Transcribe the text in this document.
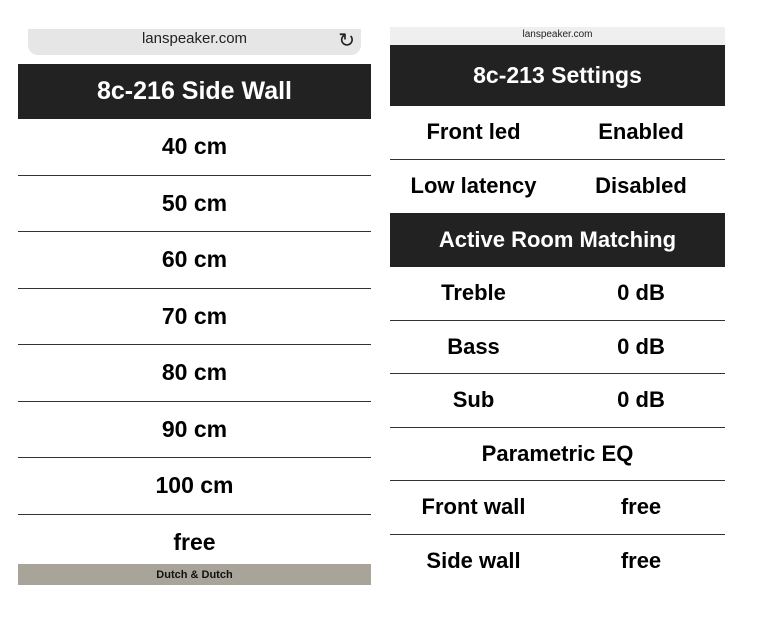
lanspeaker.com	↻
8c-216 Side Wall
40 cm
50 cm
60 cm
70 cm
80 cm
90 cm
100 cm
free
Dutch & Dutch
lanspeaker.com
8c-213 Settings
Front led	Enabled
Low latency	Disabled
Active Room Matching
Treble	0 dB
Bass	0 dB
Sub	0 dB
Parametric EQ
Front wall	free
Side wall	free
